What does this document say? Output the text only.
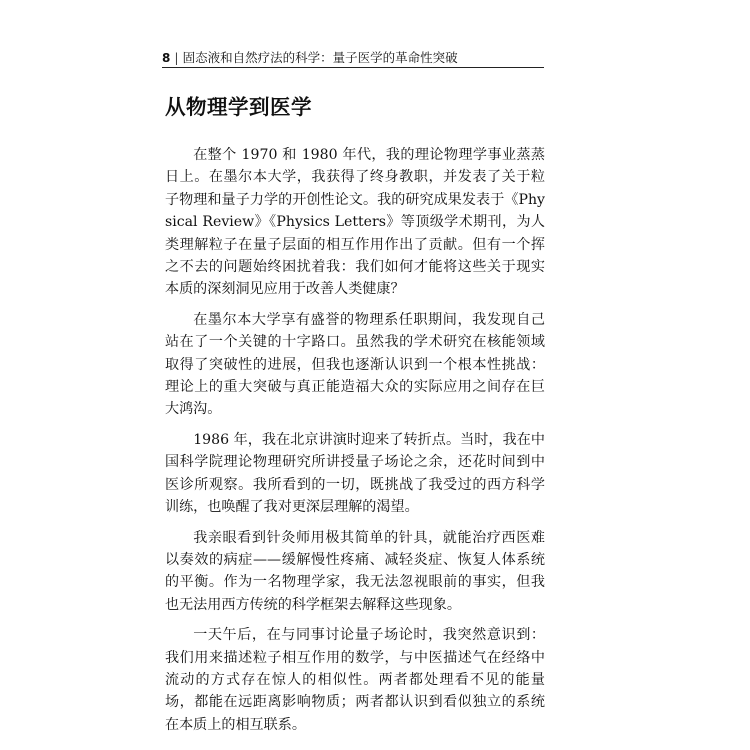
8 | 固态液和自然疗法的科学：量子医学的革命性突破
从物理学到医学

在整个 1970 和 1980 年代，我的理论物理学事业蒸蒸日上。在墨尔本大学，我获得了终身教职，并发表了关于粒子物理和量子力学的开创性论文。我的研究成果发表于《Physical Review》《Physics Letters》等顶级学术期刊，为人类理解粒子在量子层面的相互作用作出了贡献。但有一个挥之不去的问题始终困扰着我：我们如何才能将这些关于现实本质的深刻洞见应用于改善人类健康？

在墨尔本大学享有盛誉的物理系任职期间，我发现自己站在了一个关键的十字路口。虽然我的学术研究在核能领域取得了突破性的进展，但我也逐渐认识到一个根本性挑战：理论上的重大突破与真正能造福大众的实际应用之间存在巨大鸿沟。

1986 年，我在北京讲演时迎来了转折点。当时，我在中国科学院理论物理研究所讲授量子场论之余，还花时间到中医诊所观察。我所看到的一切，既挑战了我受过的西方科学训练，也唤醒了我对更深层理解的渴望。

我亲眼看到针灸师用极其简单的针具，就能治疗西医难以奏效的病症——缓解慢性疼痛、减轻炎症、恢复人体系统的平衡。作为一名物理学家，我无法忽视眼前的事实，但我也无法用西方传统的科学框架去解释这些现象。

一天午后，在与同事讨论量子场论时，我突然意识到：我们用来描述粒子相互作用的数学，与中医描述气在经络中流动的方式存在惊人的相似性。两者都处理看不见的能量场，都能在远距离影响物质；两者都认识到看似独立的系统在本质上的相互联系。
